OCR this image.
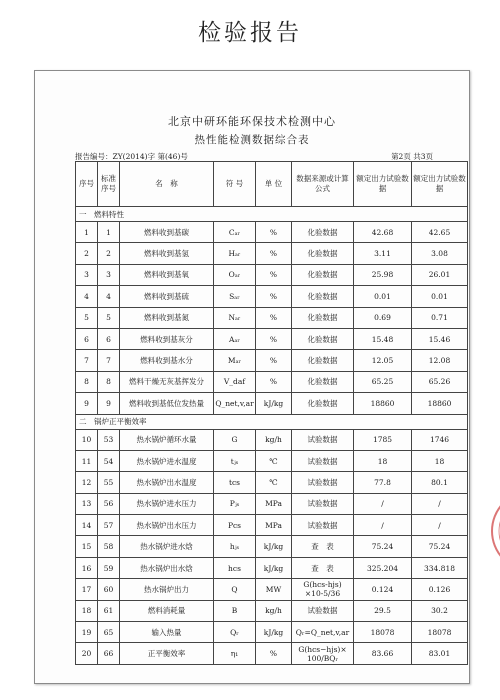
检验报告
北京中研环能环保技术检测中心
热性能检测数据综合表
报告编号：ZY(2014)字 第(46)号	第2页 共3页
序号	标准序号	名　称	符 号	单 位	数据来源或计算公式	额定出力试验数据	额定出力试验数据
一　燃料特性							
1	1	燃料收到基碳	Cₐᵣ	%	化验数据	42.68	42.65
2	2	燃料收到基氢	Hₐᵣ	%	化验数据	3.11	3.08
3	3	燃料收到基氧	Oₐᵣ	%	化验数据	25.98	26.01
4	4	燃料收到基硫	Sₐᵣ	%	化验数据	0.01	0.01
5	5	燃料收到基氮	Nₐᵣ	%	化验数据	0.69	0.71
6	6	燃料收到基灰分	Aₐᵣ	%	化验数据	15.48	15.46
7	7	燃料收到基水分	Mₐᵣ	%	化验数据	12.05	12.08
8	8	燃料干燥无灰基挥发分	V_daf	%	化验数据	65.25	65.26
9	9	燃料收到基低位发热量	Q_net,v,ar	kJ/kg	化验数据	18860	18860
二　锅炉正平衡效率							
10	53	热水锅炉循环水量	G	kg/h	试验数据	1785	1746
11	54	热水锅炉进水温度	tⱼₛ	℃	试验数据	18	18
12	55	热水锅炉出水温度	tcs	℃	试验数据	77.8	80.1
13	56	热水锅炉进水压力	Pⱼₛ	MPa	试验数据	/	/
14	57	热水锅炉出水压力	Pcs	MPa	试验数据	/	/
15	58	热水锅炉进水焓	hⱼₛ	kJ/kg	查　表	75.24	75.24
16	59	热水锅炉出水焓	hcs	kJ/kg	查　表	325.204	334.818
17	60	热水锅炉出力	Q	MW	G(hcs-hjs)
×10-5/36	0.124	0.126
18	61	燃料消耗量	B	kg/h	试验数据	29.5	30.2
19	65	输入热量	Qᵣ	kJ/kg	Qᵣ=Q_net,v,ar	18078	18078
20	66	正平衡效率	η₁	%	G(hcs−hjs)×
100/BQᵣ	83.66	83.01
